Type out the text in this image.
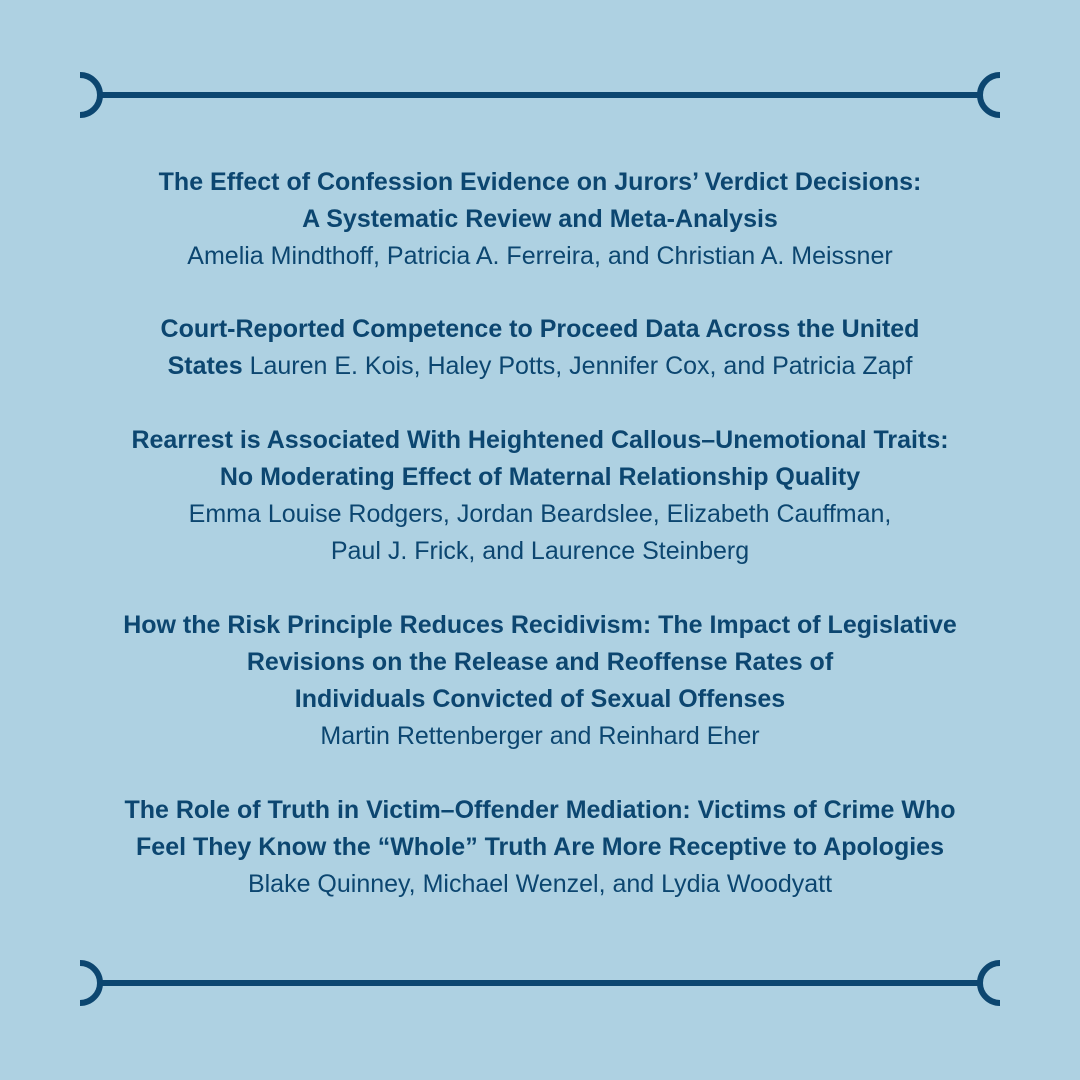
The Effect of Confession Evidence on Jurors’ Verdict Decisions:
A Systematic Review and Meta-Analysis
Amelia Mindthoff, Patricia A. Ferreira, and Christian A. Meissner
Court-Reported Competence to Proceed Data Across the United
States Lauren E. Kois, Haley Potts, Jennifer Cox, and Patricia Zapf
Rearrest is Associated With Heightened Callous–Unemotional Traits:
No Moderating Effect of Maternal Relationship Quality
Emma Louise Rodgers, Jordan Beardslee, Elizabeth Cauffman,
Paul J. Frick, and Laurence Steinberg
How the Risk Principle Reduces Recidivism: The Impact of Legislative
Revisions on the Release and Reoffense Rates of
Individuals Convicted of Sexual Offenses
Martin Rettenberger and Reinhard Eher
The Role of Truth in Victim–Offender Mediation: Victims of Crime Who
Feel They Know the “Whole” Truth Are More Receptive to Apologies
Blake Quinney, Michael Wenzel, and Lydia Woodyatt
